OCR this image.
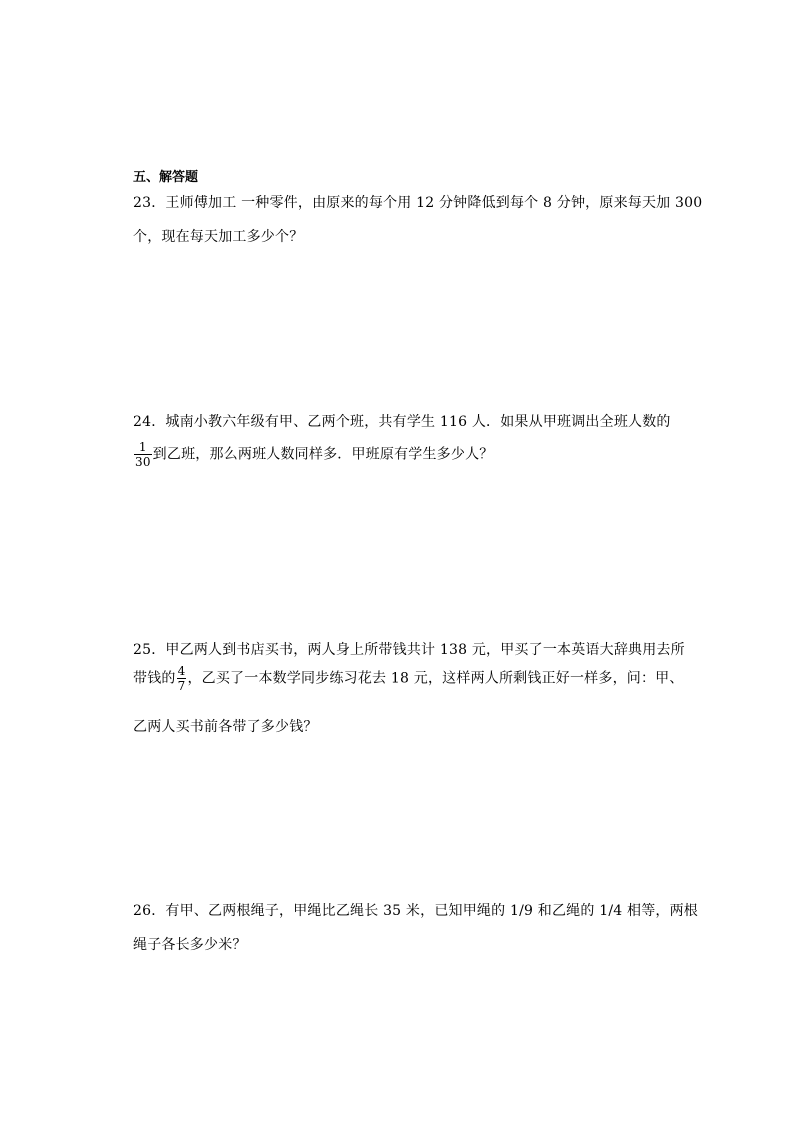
五、解答题
23．王师傅加工 一种零件，由原来的每个用 12 分钟降低到每个 8 分钟，原来每天加 300
个，现在每天加工多少个？
24．城南小教六年级有甲、乙两个班，共有学生 116 人．如果从甲班调出全班人数的
$\frac{1}{30}$ 到乙班，那么两班人数同样多．甲班原有学生多少人？
25．甲乙两人到书店买书，两人身上所带钱共计 138 元，甲买了一本英语大辞典用去所
带钱的 $\frac{4}{7}$ ，乙买了一本数学同步练习花去 18 元，这样两人所剩钱正好一样多，问：甲、
乙两人买书前各带了多少钱？
26．有甲、乙两根绳子，甲绳比乙绳长 35 米，已知甲绳的 1/9 和乙绳的 1/4 相等，两根
绳子各长多少米？
